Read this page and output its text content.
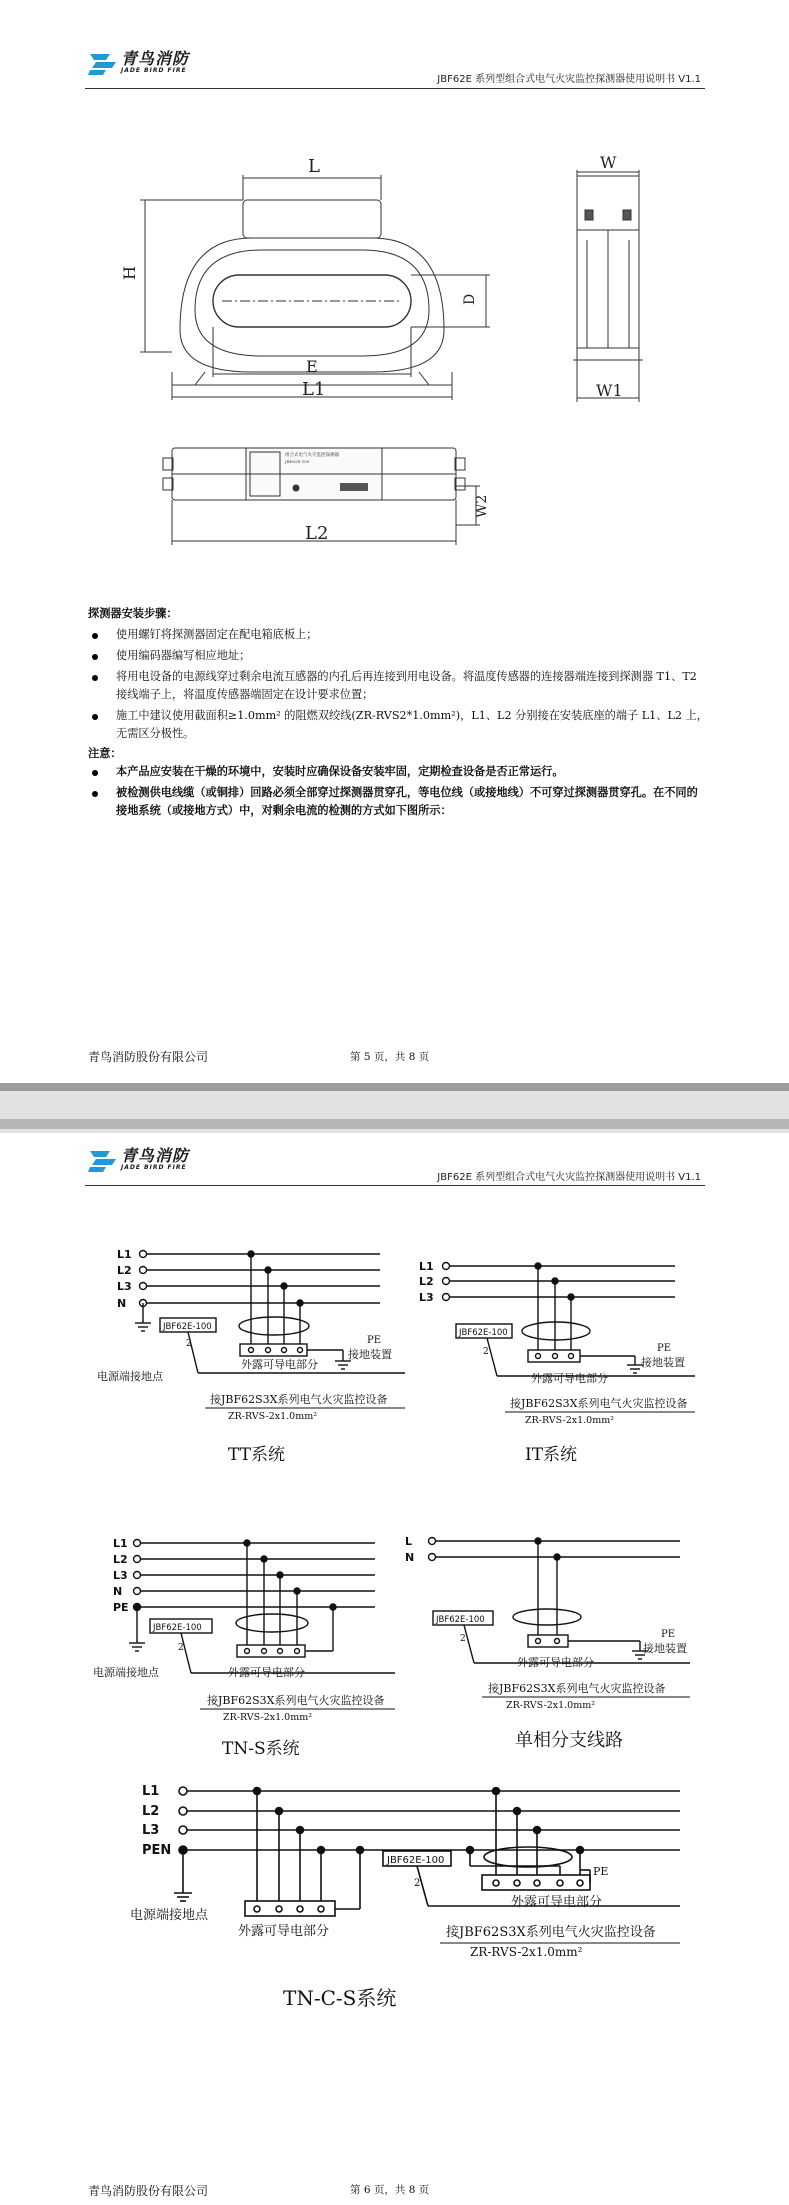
青鸟消防
JADE BIRD FIRE
JBF62E 系列型组合式电气火灾监控探测器使用说明书 V1.1
L
H
D
E
L1
W
W1
组合式电气火灾监控探测器
JBF62E-100
L2
W2
探测器安装步骤：
使用螺钉将探测器固定在配电箱底板上；
使用编码器编写相应地址；
将用电设备的电源线穿过剩余电流互感器的内孔后再连接到用电设备。将温度传感器的连接器端连接到探测器 T1、T2 接线端子上，将温度传感器端固定在设计要求位置；
施工中建议使用截面积≥1.0mm² 的阻燃双绞线(ZR-RVS2*1.0mm²)，L1、L2 分别接在安装底座的端子 L1、L2 上，无需区分极性。
注意：
本产品应安装在干燥的环境中，安装时应确保设备安装牢固，定期检查设备是否正常运行。
被检测供电线缆（或铜排）回路必须全部穿过探测器贯穿孔，等电位线（或接地线）不可穿过探测器贯穿孔。在不同的接地系统（或接地方式）中，对剩余电流的检测的方式如下图所示：
青鸟消防股份有限公司	第 5 页，共 8 页
青鸟消防
JADE BIRD FIRE
JBF62E 系列型组合式电气火灾监控探测器使用说明书 V1.1
L1
L2
L3
N
JBF62E-100
2
外露可导电部分
电源端接地点
PE
接地装置
接JBF62S3X系列电气火灾监控设备
ZR-RVS-2x1.0mm²
TT系统
L1
L2
L3
JBF62E-100
2
外露可导电部分
PE
接地装置
接JBF62S3X系列电气火灾监控设备
ZR-RVS-2x1.0mm²
IT系统
L1
L2
L3
N
PE
JBF62E-100
2
外露可导电部分
电源端接地点
接JBF62S3X系列电气火灾监控设备
ZR-RVS-2x1.0mm²
TN-S系统
L
N
JBF62E-100
2
外露可导电部分
PE
接地装置
接JBF62S3X系列电气火灾监控设备
ZR-RVS-2x1.0mm²
单相分支线路
L1
L2
L3
PEN
JBF62E-100
2
PE
外露可导电部分
电源端接地点
外露可导电部分	接JBF62S3X系列电气火灾监控设备
ZR-RVS-2x1.0mm²
TN-C-S系统
青鸟消防股份有限公司	第 6 页，共 8 页
